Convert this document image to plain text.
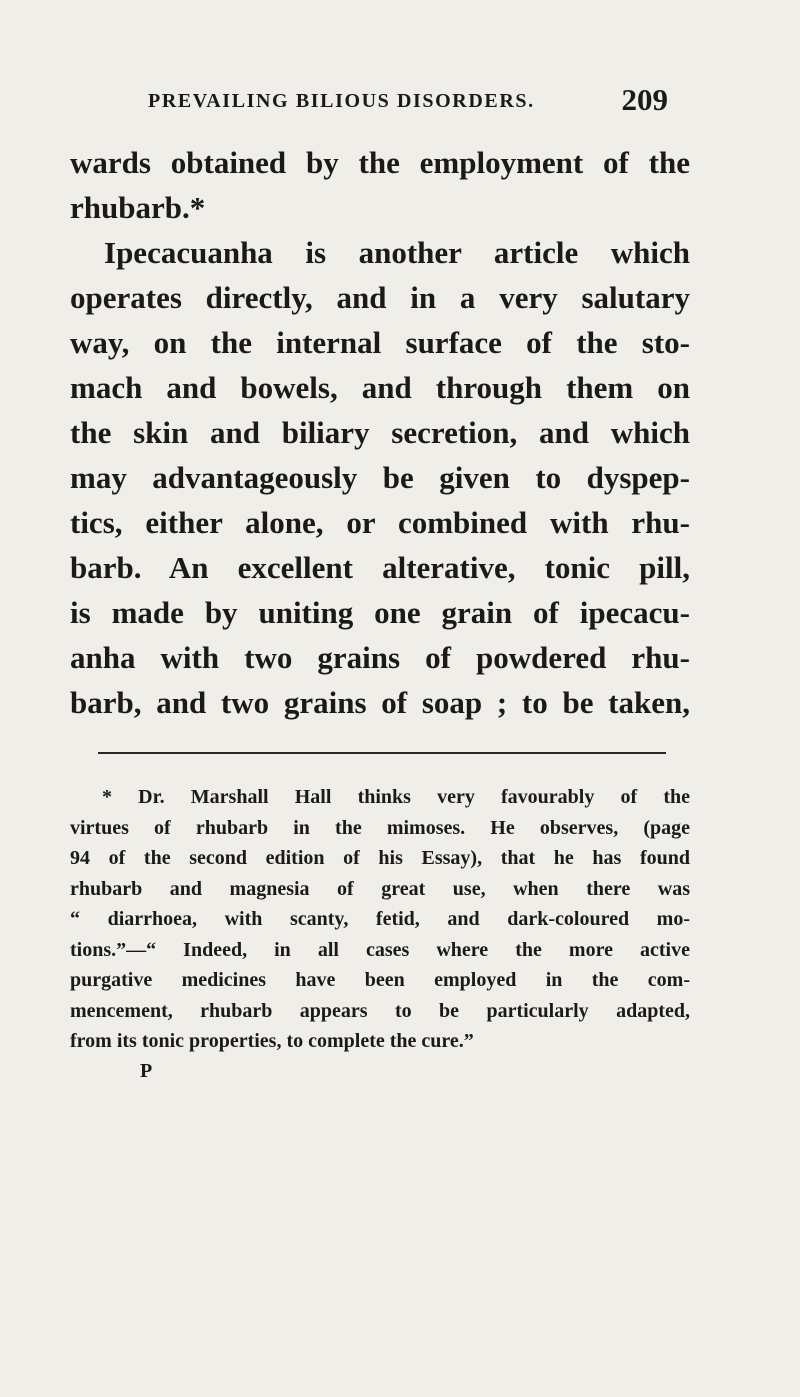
PREVAILING BILIOUS DISORDERS.	209
wards obtained by the employment of the
rhubarb.*
Ipecacuanha is another article which
operates directly, and in a very salutary
way, on the internal surface of the sto-
mach and bowels, and through them on
the skin and biliary secretion, and which
may advantageously be given to dyspep-
tics, either alone, or combined with rhu-
barb. An excellent alterative, tonic pill,
is made by uniting one grain of ipecacu-
anha with two grains of powdered rhu-
barb, and two grains of soap ; to be taken,
* Dr. Marshall Hall thinks very favourably of the
virtues of rhubarb in the mimoses. He observes, (page
94 of the second edition of his Essay), that he has found
rhubarb and magnesia of great use, when there was
“ diarrhoea, with scanty, fetid, and dark-coloured mo-
tions.”—“ Indeed, in all cases where the more active
purgative medicines have been employed in the com-
mencement, rhubarb appears to be particularly adapted,
from its tonic properties, to complete the cure.”
P
